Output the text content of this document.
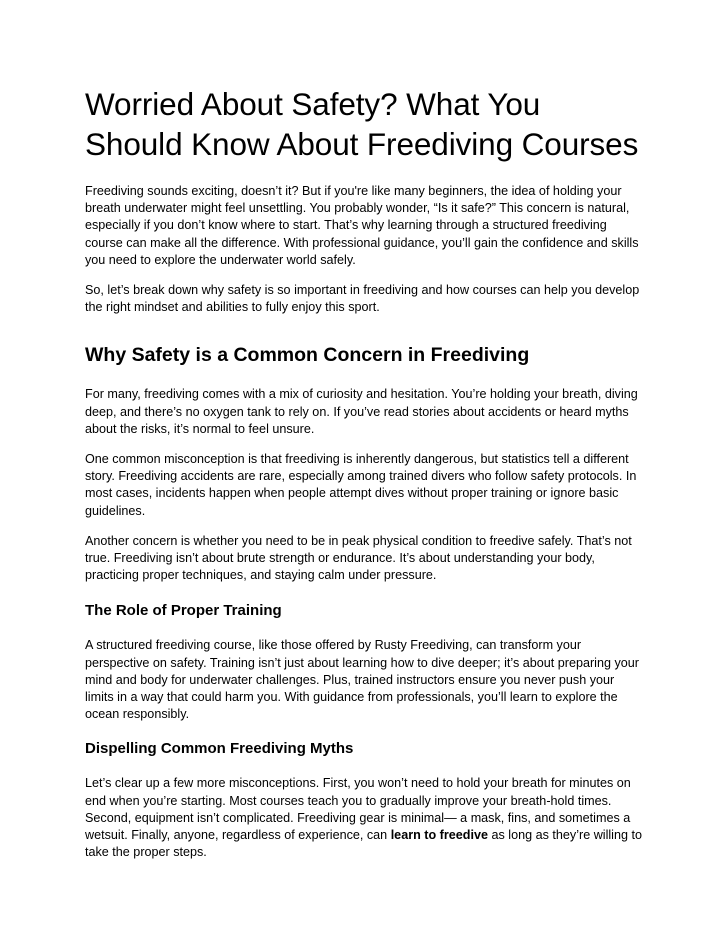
Worried About Safety? What You
Should Know About Freediving Courses

Freediving sounds exciting, doesn’t it? But if you're like many beginners, the idea of holding your breath underwater might feel unsettling. You probably wonder, “Is it safe?” This concern is natural, especially if you don’t know where to start. That’s why learning through a structured freediving course can make all the difference. With professional guidance, you’ll gain the confidence and skills you need to explore the underwater world safely.

So, let’s break down why safety is so important in freediving and how courses can help you develop the right mindset and abilities to fully enjoy this sport.

Why Safety is a Common Concern in Freediving

For many, freediving comes with a mix of curiosity and hesitation. You’re holding your breath, diving deep, and there’s no oxygen tank to rely on. If you’ve read stories about accidents or heard myths about the risks, it’s normal to feel unsure.

One common misconception is that freediving is inherently dangerous, but statistics tell a different story. Freediving accidents are rare, especially among trained divers who follow safety protocols. In most cases, incidents happen when people attempt dives without proper training or ignore basic guidelines.

Another concern is whether you need to be in peak physical condition to freedive safely. That’s not true. Freediving isn’t about brute strength or endurance. It’s about understanding your body, practicing proper techniques, and staying calm under pressure.

The Role of Proper Training

A structured freediving course, like those offered by Rusty Freediving, can transform your perspective on safety. Training isn’t just about learning how to dive deeper; it’s about preparing your mind and body for underwater challenges. Plus, trained instructors ensure you never push your limits in a way that could harm you. With guidance from professionals, you’ll learn to explore the ocean responsibly.

Dispelling Common Freediving Myths

Let’s clear up a few more misconceptions. First, you won’t need to hold your breath for minutes on end when you’re starting. Most courses teach you to gradually improve your breath-hold times. Second, equipment isn’t complicated. Freediving gear is minimal— a mask, fins, and sometimes a wetsuit. Finally, anyone, regardless of experience, can learn to freedive as long as they’re willing to take the proper steps.
